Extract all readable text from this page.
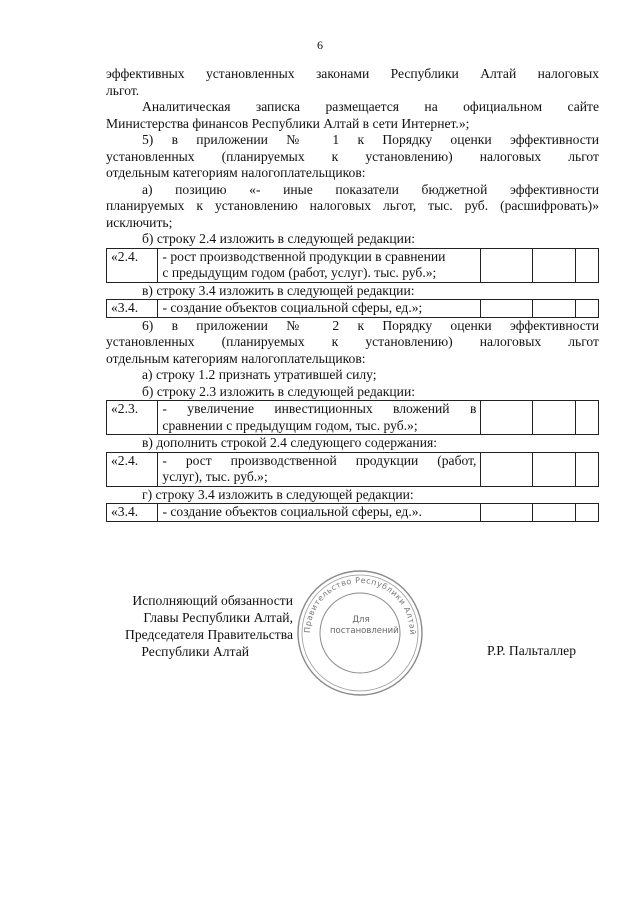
6

эффективных установленных законами Республики Алтай налоговых

льгот.

Аналитическая записка размещается на официальном сайте

Министерства финансов Республики Алтай в сети Интернет.»;

5) в приложении № 1 к Порядку оценки эффективности

установленных (планируемых к установлению) налоговых льгот

отдельным категориям налогоплательщиков:

а) позицию «- иные показатели бюджетной эффективности

планируемых к установлению налоговых льгот, тыс. руб. (расшифровать)»

исключить;

б) строку 2.4 изложить в следующей редакции:

«2.4.	- рост производственной продукции в сравнении
с предыдущим годом (работ, услуг). тыс. руб.»;

в) строку 3.4 изложить в следующей редакции:

«3.4.	- создание объектов социальной сферы, ед.»;

6) в приложении № 2 к Порядку оценки эффективности

установленных (планируемых к установлению) налоговых льгот

отдельным категориям налогоплательщиков:

а) строку 1.2 признать утратившей силу;

б) строку 2.3 изложить в следующей редакции:

«2.3.	- увеличение инвестиционных вложений в
сравнении с предыдущим годом, тыс. руб.»;

в) дополнить строкой 2.4 следующего содержания:

«2.4.	- рост производственной продукции (работ,
услуг), тыс. руб.»;

г) строку 3.4 изложить в следующей редакции:

«3.4.	- создание объектов социальной сферы, ед.».

Исполняющий обязанности
Главы Республики Алтай,
Председателя Правительства
Республики Алтай	Р.Р. Пальталлер
Правительство Республики Алтай
Для
постановлений
